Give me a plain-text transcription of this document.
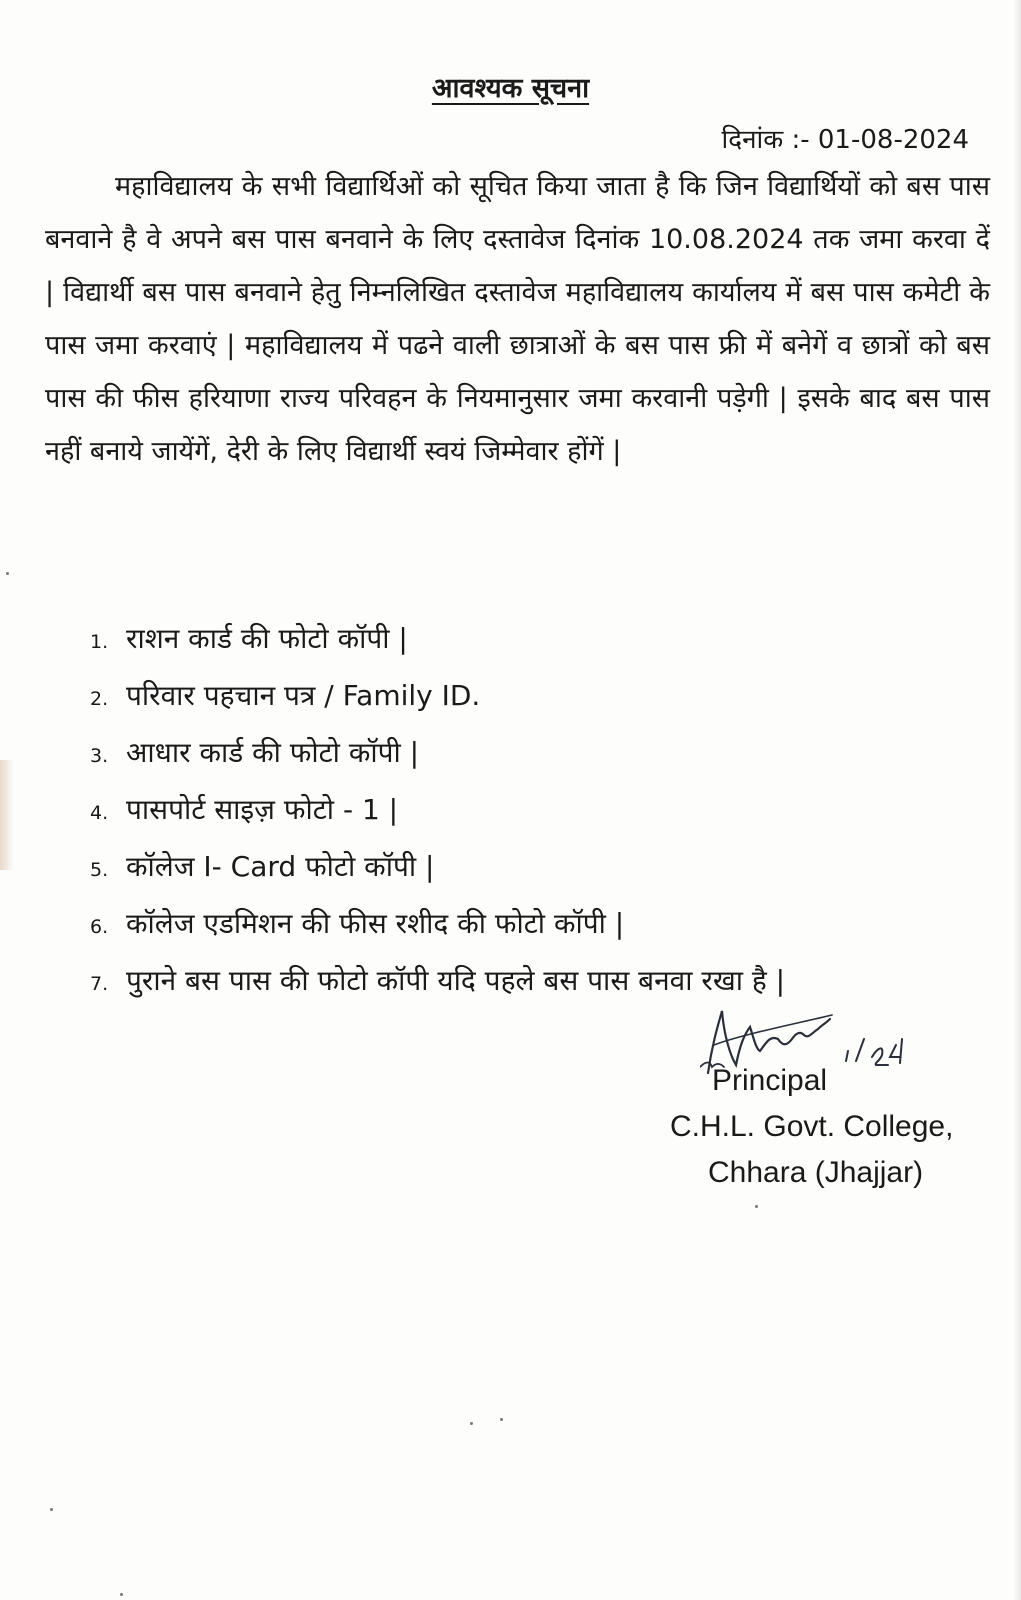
आवश्यक सूचना
दिनांक :- 01-08-2024

महाविद्यालय के सभी विद्यार्थिओं को सूचित किया जाता है कि जिन विद्यार्थियों को बस पास बनवाने है वे अपने बस पास बनवाने के लिए दस्तावेज दिनांक 10.08.2024 तक जमा करवा दें | विद्यार्थी बस पास बनवाने हेतु निम्नलिखित दस्तावेज महाविद्यालय कार्यालय में बस पास कमेटी के पास जमा करवाएं | महाविद्यालय में पढने वाली छात्राओं के बस पास फ्री में बनेगें व छात्रों को बस पास की फीस हरियाणा राज्य परिवहन के नियमानुसार जमा करवानी पड़ेगी | इसके बाद बस पास नहीं बनाये जायेंगें, देरी के लिए विद्यार्थी स्वयं जिम्मेवार होंगें |

1. राशन कार्ड की फोटो कॉपी |
2. परिवार पहचान पत्र / Family ID.
3. आधार कार्ड की फोटो कॉपी |
4. पासपोर्ट साइज़ फोटो - 1 |
5. कॉलेज I- Card फोटो कॉपी |
6. कॉलेज एडमिशन की फीस रशीद की फोटो कॉपी |
7. पुराने बस पास की फोटो कॉपी यदि पहले बस पास बनवा रखा है |
Principal
C.H.L. Govt. College,
Chhara (Jhajjar)
